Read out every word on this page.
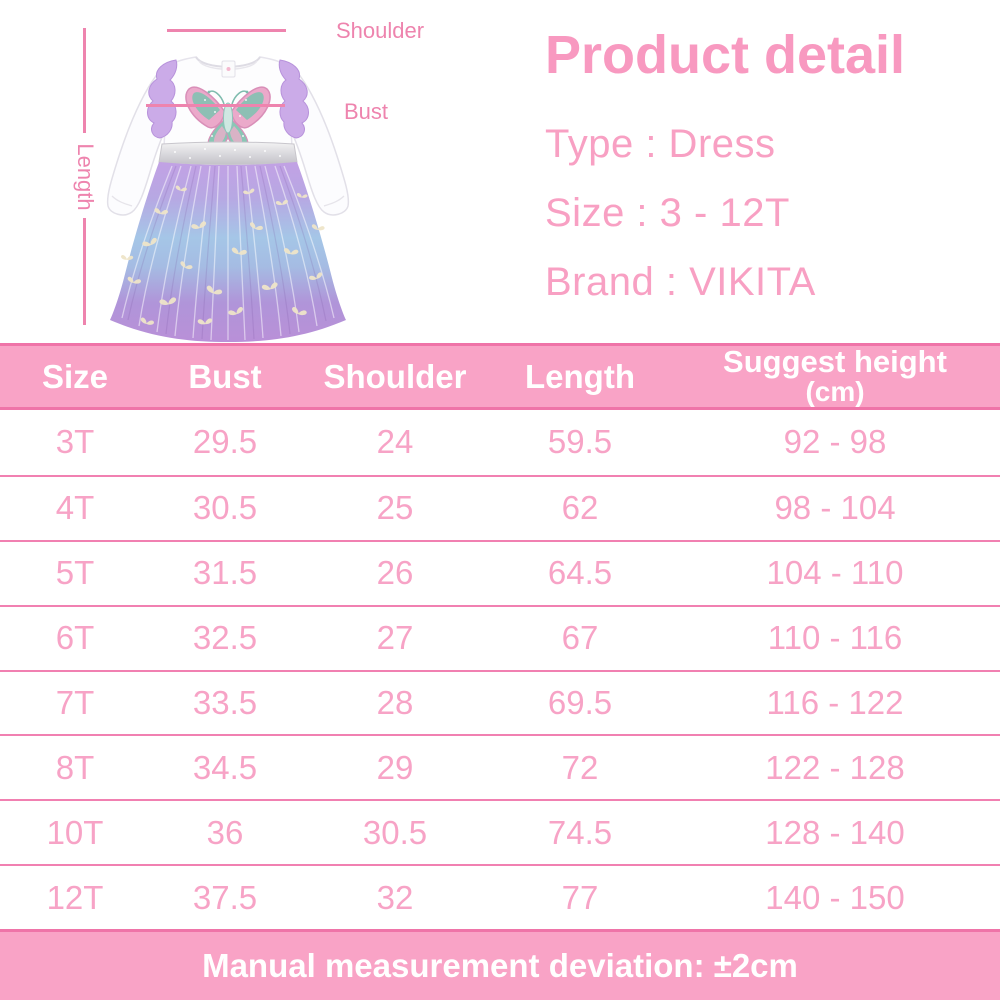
Shoulder
Bust
Length
Product detail

Type : Dress

Size : 3 - 12T

Brand : VIKITA

Size	Bust	Shoulder	Length	Suggest height
(cm)
3T	29.5	24	59.5	92 - 98
4T	30.5	25	62	98 - 104
5T	31.5	26	64.5	104 - 110
6T	32.5	27	67	110 - 116
7T	33.5	28	69.5	116 - 122
8T	34.5	29	72	122 - 128
10T	36	30.5	74.5	128 - 140
12T	37.5	32	77	140 - 150
Manual measurement deviation: ±2cm
